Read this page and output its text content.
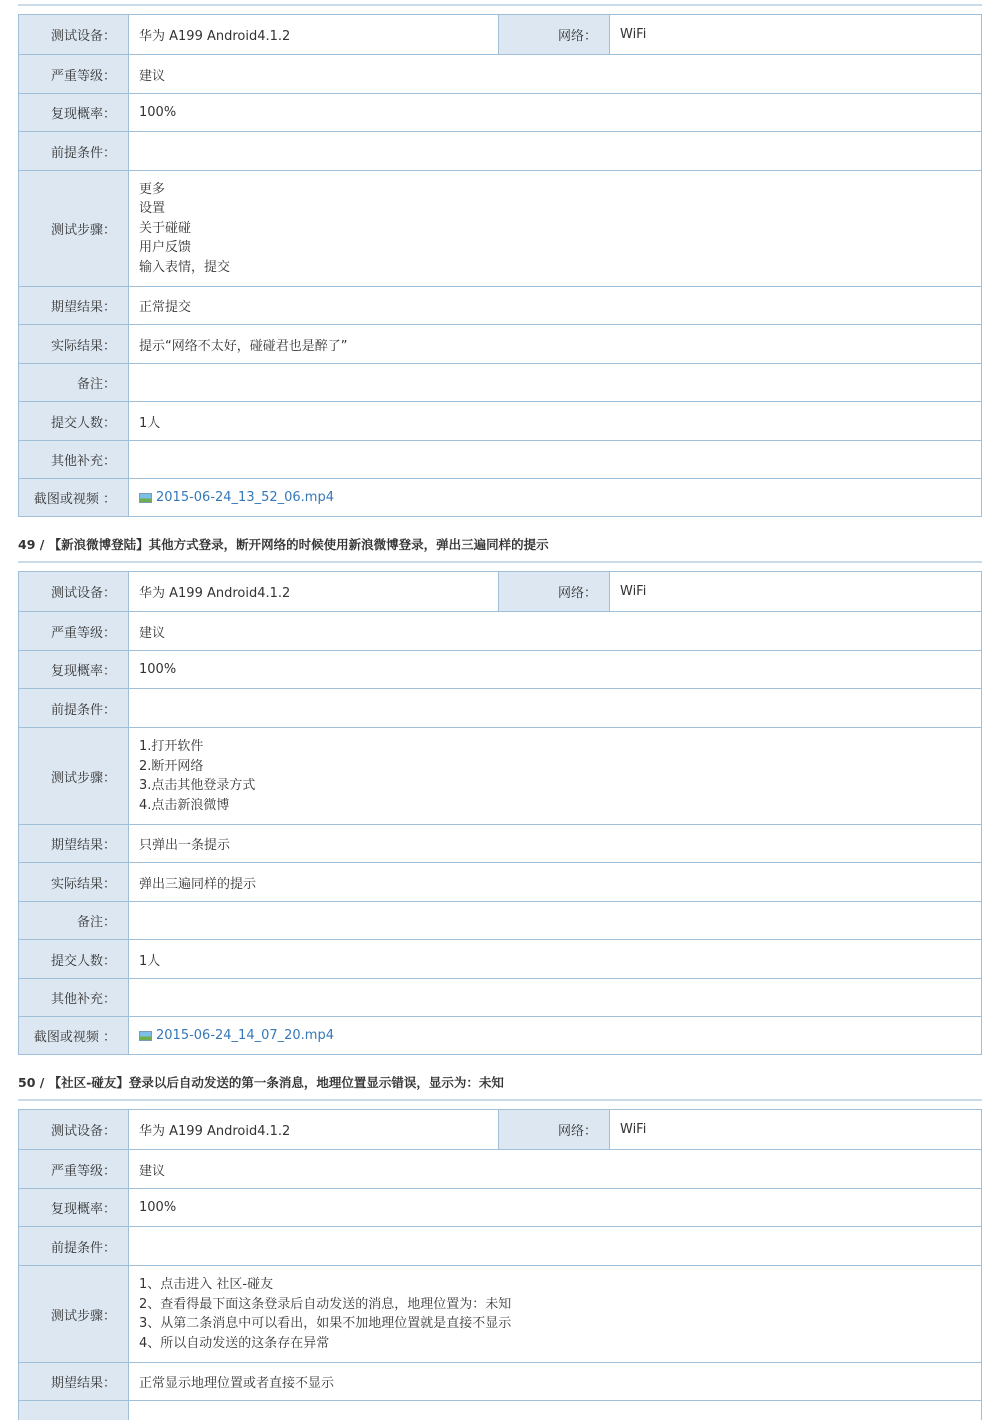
测试设备：	华为 A199 Android4.1.2	网络：	WiFi
严重等级：	建议
复现概率：	100%
前提条件：
测试步骤：
更多
设置
关于碰碰
用户反馈
输入表情，提交
期望结果：	正常提交
实际结果：	提示“网络不太好，碰碰君也是醉了”
备注：
提交人数：	1人
其他补充：
截图或视频 ：	2015-06-24_13_52_06.mp4
49 / 【新浪微博登陆】其他方式登录，断开网络的时候使用新浪微博登录，弹出三遍同样的提示
测试设备：	华为 A199 Android4.1.2	网络：	WiFi
严重等级：	建议
复现概率：	100%
前提条件：
测试步骤：
1.打开软件
2.断开网络
3.点击其他登录方式
4.点击新浪微博
期望结果：	只弹出一条提示
实际结果：	弹出三遍同样的提示
备注：
提交人数：	1人
其他补充：
截图或视频 ：	2015-06-24_14_07_20.mp4
50 / 【社区-碰友】登录以后自动发送的第一条消息，地理位置显示错误，显示为：未知
测试设备：	华为 A199 Android4.1.2	网络：	WiFi
严重等级：	建议
复现概率：	100%
前提条件：
测试步骤：
1、点击进入 社区-碰友
2、查看得最下面这条登录后自动发送的消息，地理位置为：未知
3、从第二条消息中可以看出，如果不加地理位置就是直接不显示
4、所以自动发送的这条存在异常
期望结果：	正常显示地理位置或者直接不显示
